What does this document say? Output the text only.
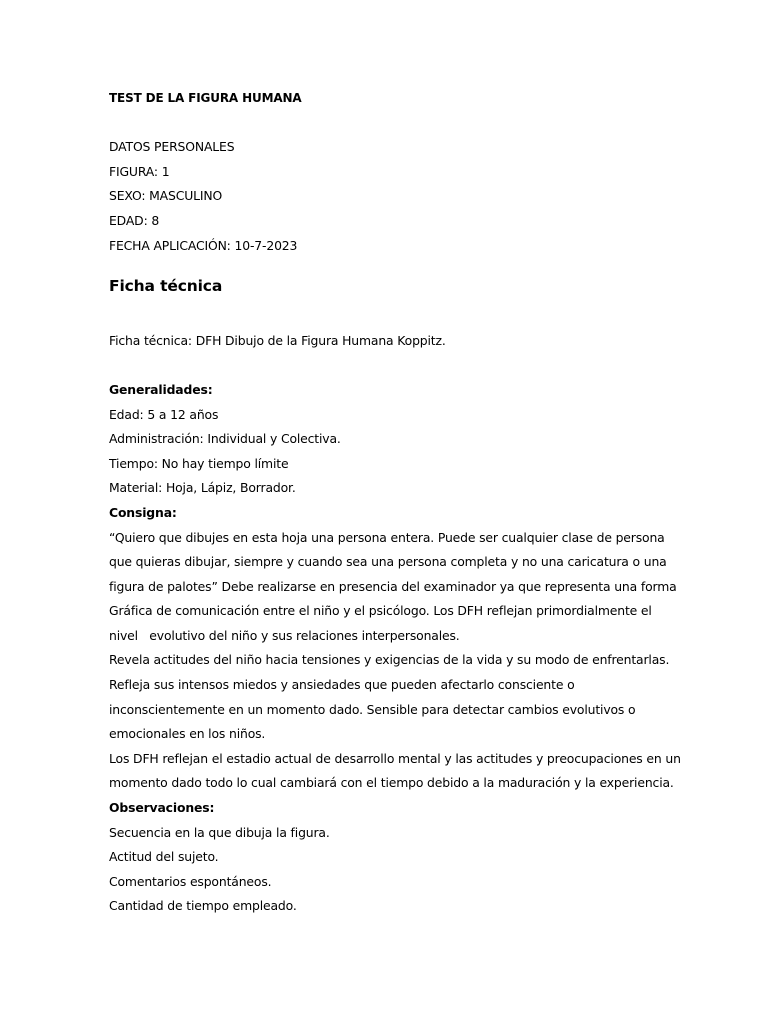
TEST DE LA FIGURA HUMANA
DATOS PERSONALES
FIGURA: 1
SEXO: MASCULINO
EDAD: 8
FECHA APLICACIÓN: 10-7-2023
Ficha técnica
Ficha técnica: DFH Dibujo de la Figura Humana Koppitz.
Generalidades:
Edad: 5 a 12 años
Administración: Individual y Colectiva.
Tiempo: No hay tiempo límite
Material: Hoja, Lápiz, Borrador.
Consigna:
“Quiero que dibujes en esta hoja una persona entera. Puede ser cualquier clase de persona
que quieras dibujar, siempre y cuando sea una persona completa y no una caricatura o una
figura de palotes” Debe realizarse en presencia del examinador ya que representa una forma
Gráfica de comunicación entre el niño y el psicólogo. Los DFH reflejan primordialmente el
nivel   evolutivo del niño y sus relaciones interpersonales.
Revela actitudes del niño hacia tensiones y exigencias de la vida y su modo de enfrentarlas.
Refleja sus intensos miedos y ansiedades que pueden afectarlo consciente o
inconscientemente en un momento dado. Sensible para detectar cambios evolutivos o
emocionales en los niños.
Los DFH reflejan el estadio actual de desarrollo mental y las actitudes y preocupaciones en un
momento dado todo lo cual cambiará con el tiempo debido a la maduración y la experiencia.
Observaciones:
Secuencia en la que dibuja la figura.
Actitud del sujeto.
Comentarios espontáneos.
Cantidad de tiempo empleado.
